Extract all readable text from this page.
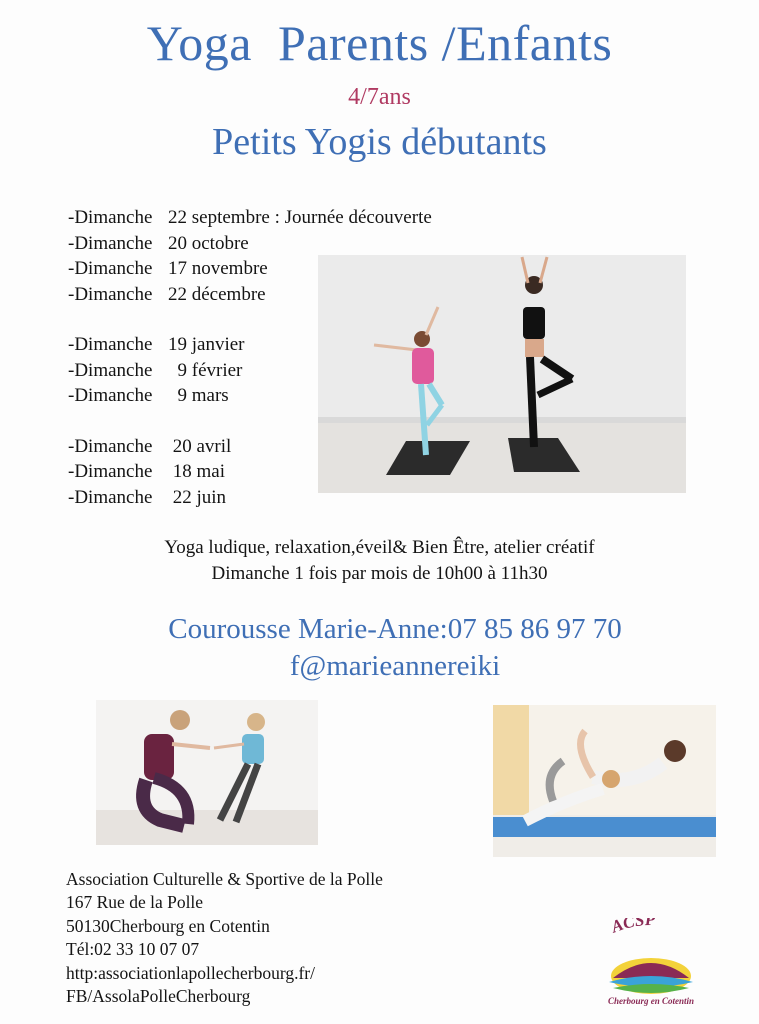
Yoga  Parents /Enfants
4/7ans
Petits Yogis débutants
-Dimanche 22 septembre : Journée découverte
-Dimanche 20 octobre
-Dimanche 17 novembre
-Dimanche 22 décembre
-Dimanche 19 janvier
-Dimanche  9 février
-Dimanche  9 mars
-Dimanche 20 avril
-Dimanche 18 mai
-Dimanche 22 juin
Yoga ludique, relaxation,éveil& Bien Être, atelier créatif
Dimanche 1 fois par mois de 10h00 à 11h30
Courousse Marie-Anne:07 85 86 97 70
f@marieannereiki
Association Culturelle & Sportive de la Polle
167 Rue de la Polle
50130Cherbourg en Cotentin
Tél:02 33 10 07 07
http:associationlapollecherbourg.fr/
FB/AssolaPolleCherbourg
ACSP
Cherbourg en Cotentin
